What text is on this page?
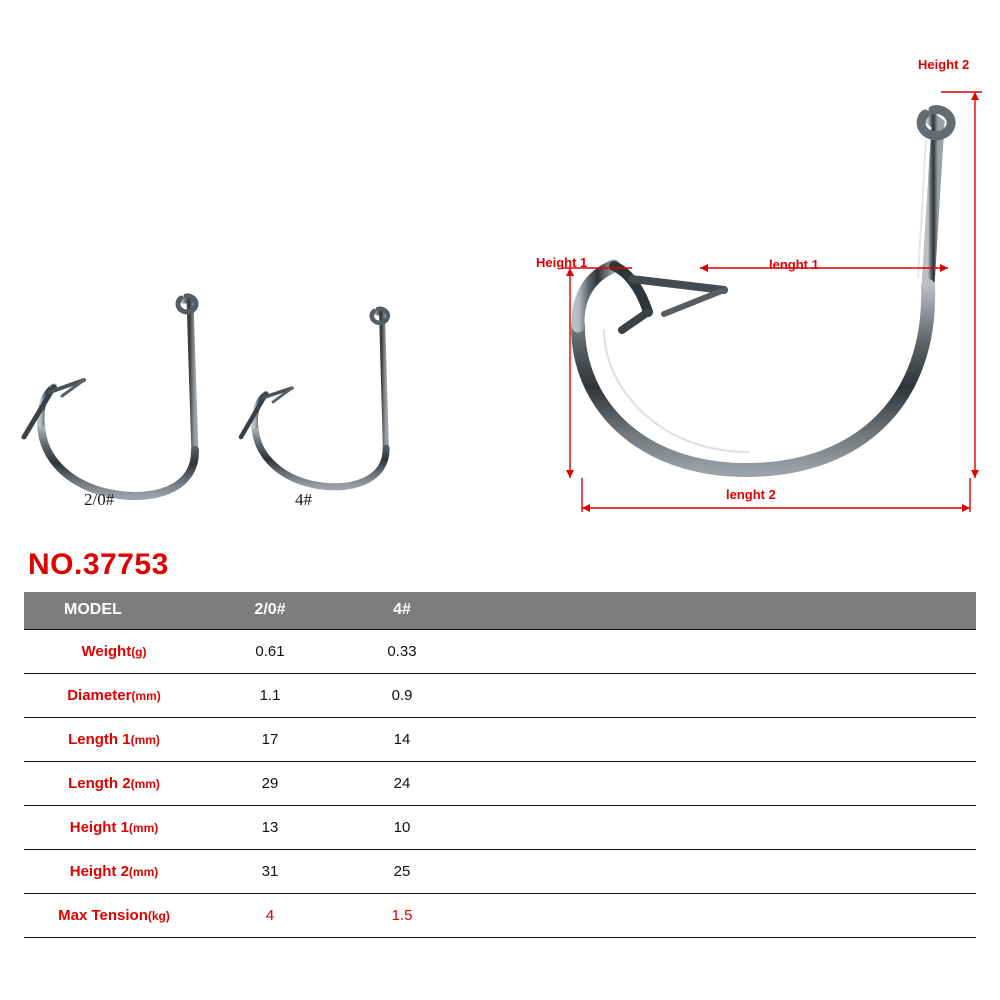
2/0#	4#
Height 2
Height 1	lenght 1
lenght 2
NO.37753
MODEL	2/0#	4#	
Weight(g)	0.61	0.33	
Diameter(mm)	1.1	0.9	
Length 1(mm)	17	14	
Length 2(mm)	29	24	
Height 1(mm)	13	10	
Height 2(mm)	31	25	
Max Tension(kg)	4	1.5	
